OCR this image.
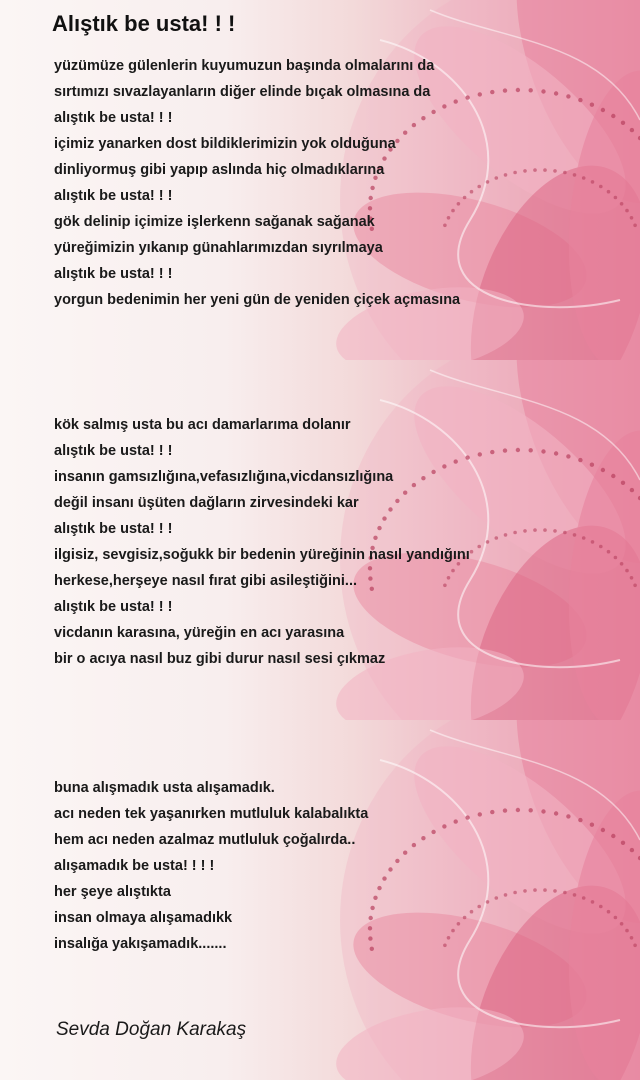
Alıştık be usta! ! !
yüzümüze gülenlerin kuyumuzun başında olmalarını da
sırtımızı sıvazlayanların diğer elinde bıçak olmasına da
alıştık be usta! ! !
içimiz yanarken dost bildiklerimizin yok olduğuna
dinliyormuş gibi yapıp aslında hiç olmadıklarına
alıştık be usta! ! !
gök delinip içimize işlerkenn sağanak sağanak
yüreğimizin yıkanıp günahlarımızdan sıyrılmaya
alıştık be usta! ! !
yorgun bedenimin her yeni gün de yeniden çiçek açmasına
kök salmış usta bu acı damarlarıma dolanır
alıştık be usta! ! !
insanın gamsızlığına,vefasızlığına,vicdansızlığına
değil insanı üşüten dağların zirvesindeki kar
alıştık be usta! ! !
ilgisiz, sevgisiz,soğukk bir bedenin yüreğinin nasıl yandığını
herkese,herşeye nasıl fırat gibi asileştiğini...
alıştık be usta! ! !
vicdanın karasına, yüreğin en acı yarasına
bir o acıya nasıl buz gibi durur nasıl sesi çıkmaz
buna alışmadık usta alışamadık.
acı neden tek yaşanırken mutluluk kalabalıkta
hem acı neden azalmaz mutluluk çoğalırda..
alışamadık be usta! ! ! !
her şeye alıştıkta
insan olmaya alışamadıkk
insalığa yakışamadık.......

Sevda Doğan Karakaş
